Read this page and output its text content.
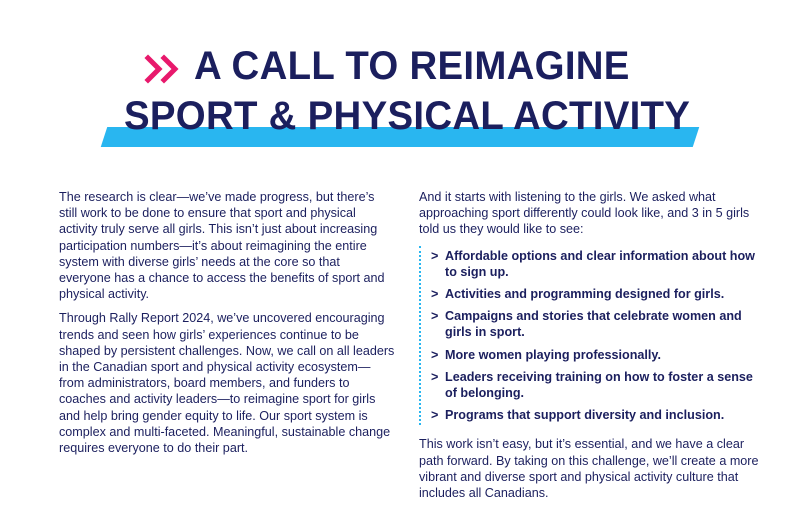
A CALL TO REIMAGINE
SPORT & PHYSICAL ACTIVITY

The research is clear—we’ve made progress, but there’s still work to be done to ensure that sport and physical activity truly serve all girls. This isn’t just about increasing participation numbers—it’s about reimagining the entire system with diverse girls’ needs at the core so that everyone has a chance to access the benefits of sport and physical activity.

Through Rally Report 2024, we’ve uncovered encouraging trends and seen how girls’ experiences continue to be shaped by persistent challenges. Now, we call on all leaders in the Canadian sport and physical activity ecosystem—from administrators, board members, and funders to coaches and activity leaders—to reimagine sport for girls and help bring gender equity to life. Our sport system is complex and multi-faceted. Meaningful, sustainable change requires everyone to do their part.

And it starts with listening to the girls. We asked what approaching sport differently could look like, and 3 in 5 girls told us they would like to see:

> Affordable options and clear information about how to sign up.
> Activities and programming designed for girls.
> Campaigns and stories that celebrate women and girls in sport.
> More women playing professionally.
> Leaders receiving training on how to foster a sense of belonging.
> Programs that support diversity and inclusion.

This work isn’t easy, but it’s essential, and we have a clear path forward. By taking on this challenge, we’ll create a more vibrant and diverse sport and physical activity culture that includes all Canadians.
